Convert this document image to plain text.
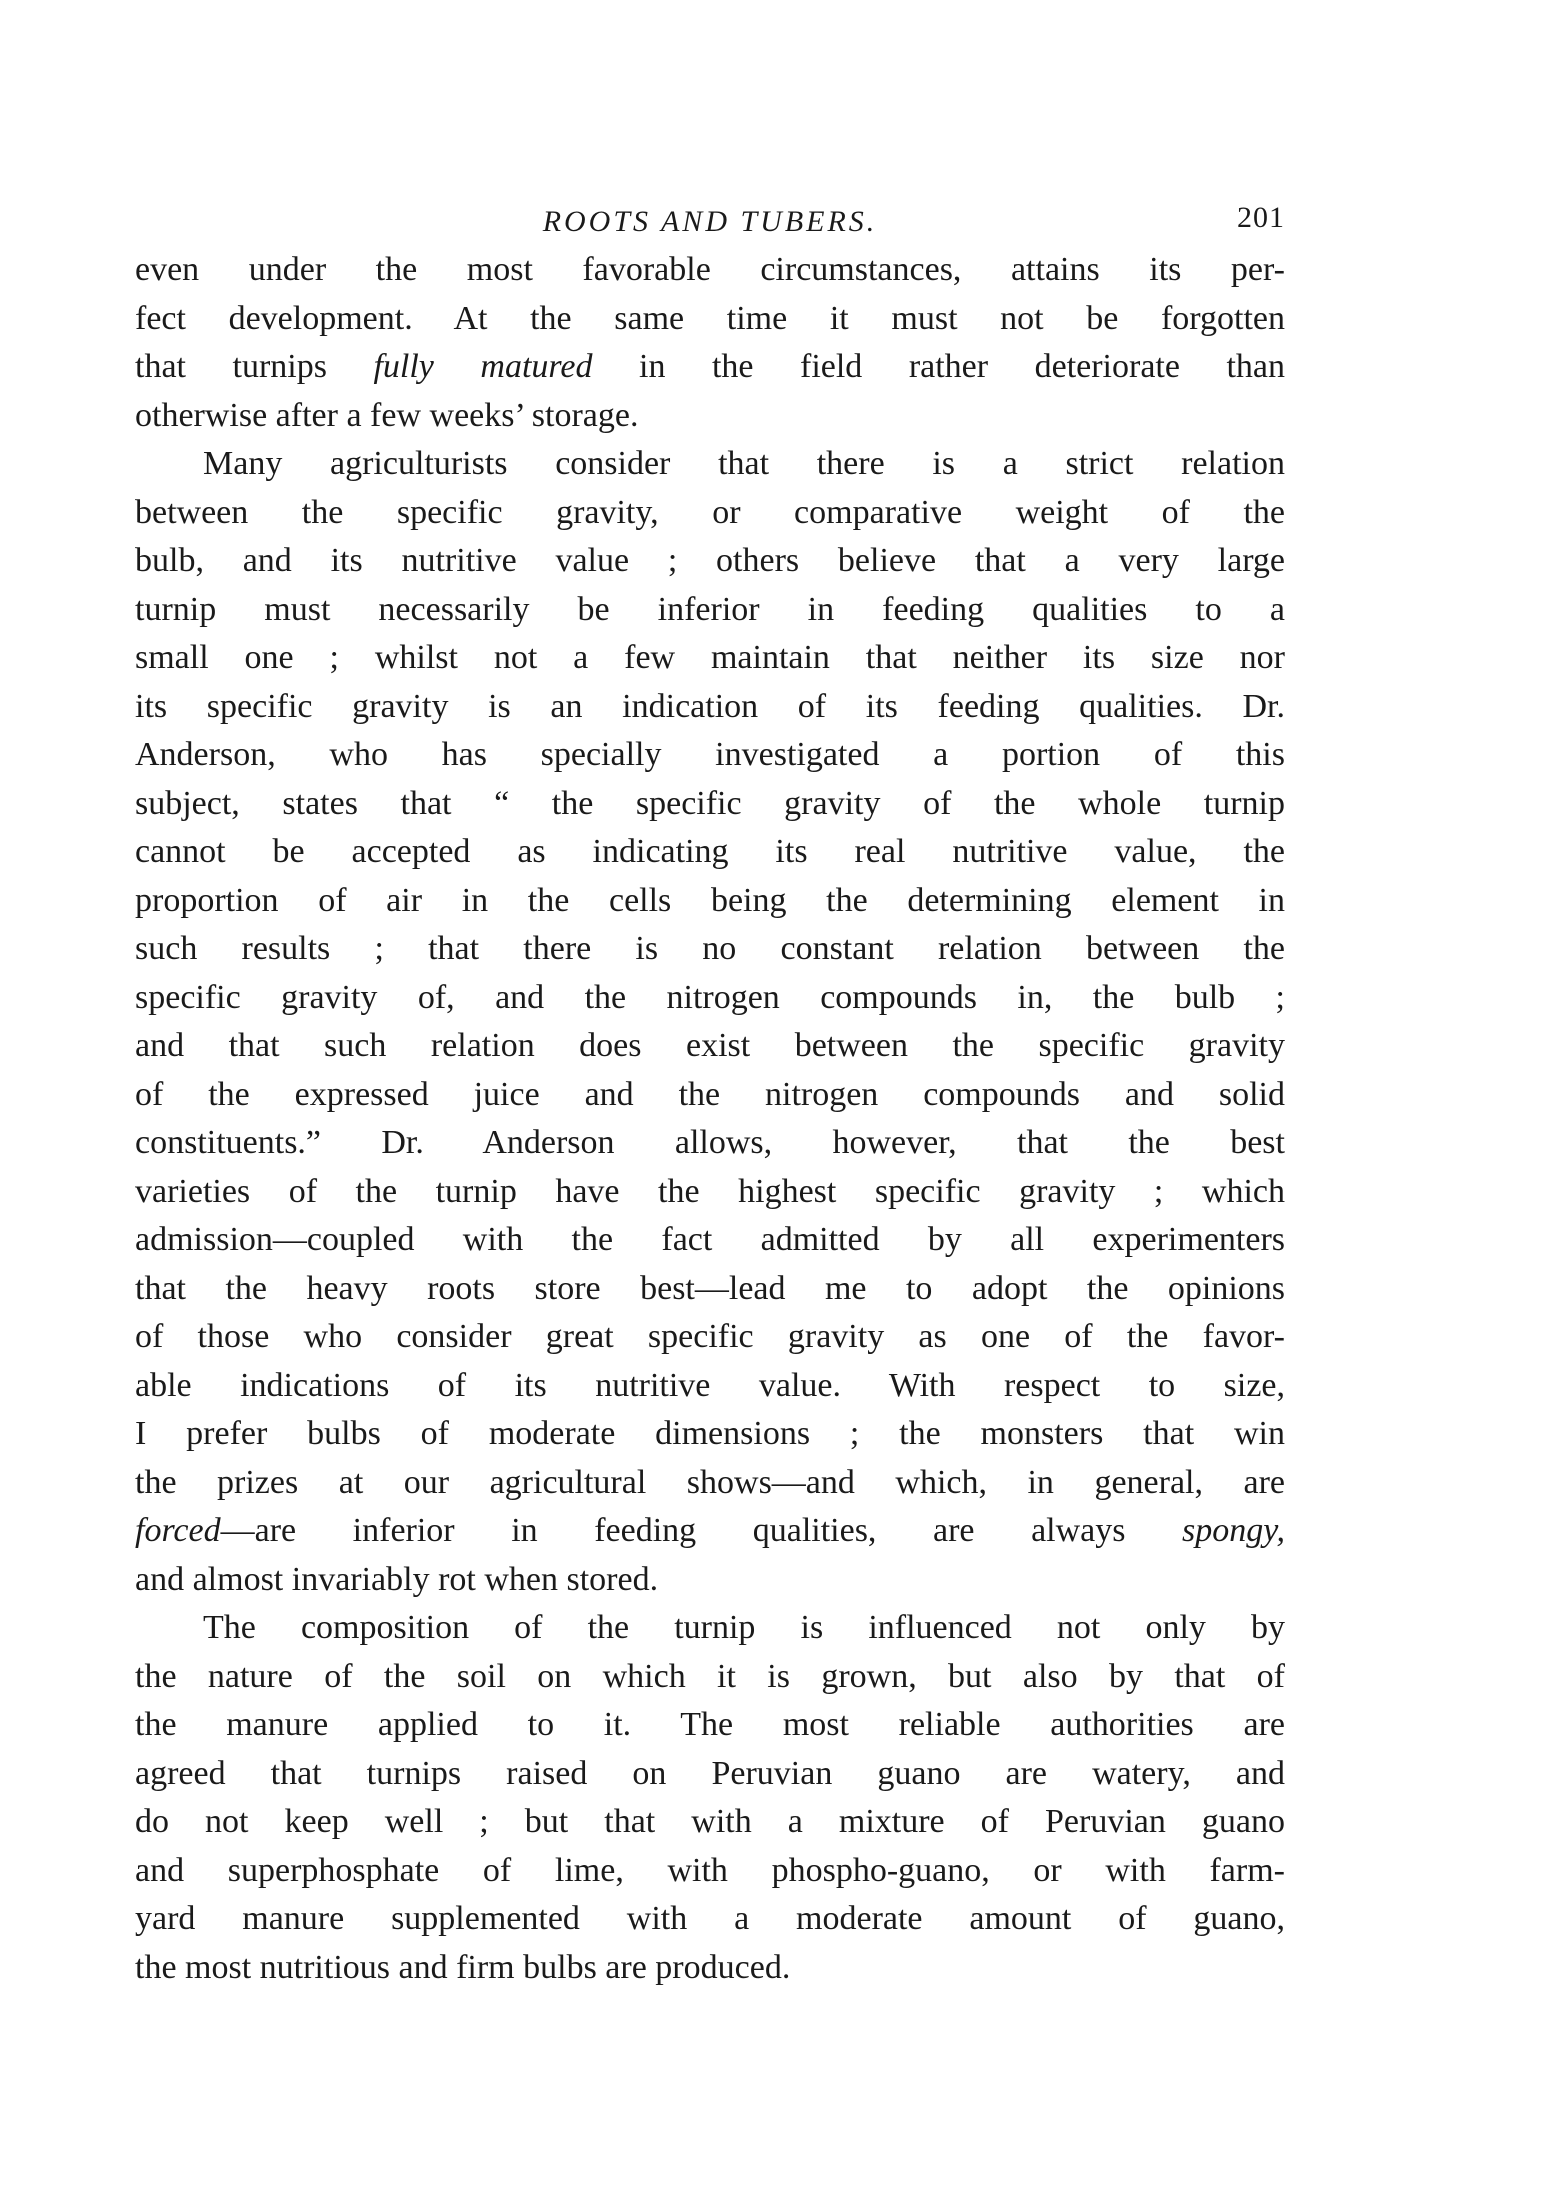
ROOTS AND TUBERS.	201
even under the most favorable circumstances, attains its per-
fect development. At the same time it must not be forgotten
that turnips fully matured in the field rather deteriorate than
otherwise after a few weeks’ storage.
Many agriculturists consider that there is a strict relation
between the specific gravity, or comparative weight of the
bulb, and its nutritive value ; others believe that a very large
turnip must necessarily be inferior in feeding qualities to a
small one ; whilst not a few maintain that neither its size nor
its specific gravity is an indication of its feeding qualities. Dr.
Anderson, who has specially investigated a portion of this
subject, states that “ the specific gravity of the whole turnip
cannot be accepted as indicating its real nutritive value, the
proportion of air in the cells being the determining element in
such results ; that there is no constant relation between the
specific gravity of, and the nitrogen compounds in, the bulb ;
and that such relation does exist between the specific gravity
of the expressed juice and the nitrogen compounds and solid
constituents.” Dr. Anderson allows, however, that the best
varieties of the turnip have the highest specific gravity ; which
admission—coupled with the fact admitted by all experimenters
that the heavy roots store best—lead me to adopt the opinions
of those who consider great specific gravity as one of the favor-
able indications of its nutritive value. With respect to size,
I prefer bulbs of moderate dimensions ; the monsters that win
the prizes at our agricultural shows—and which, in general, are
forced—are inferior in feeding qualities, are always spongy,
and almost invariably rot when stored.
The composition of the turnip is influenced not only by
the nature of the soil on which it is grown, but also by that of
the manure applied to it. The most reliable authorities are
agreed that turnips raised on Peruvian guano are watery, and
do not keep well ; but that with a mixture of Peruvian guano
and superphosphate of lime, with phospho-guano, or with farm-
yard manure supplemented with a moderate amount of guano,
the most nutritious and firm bulbs are produced.
